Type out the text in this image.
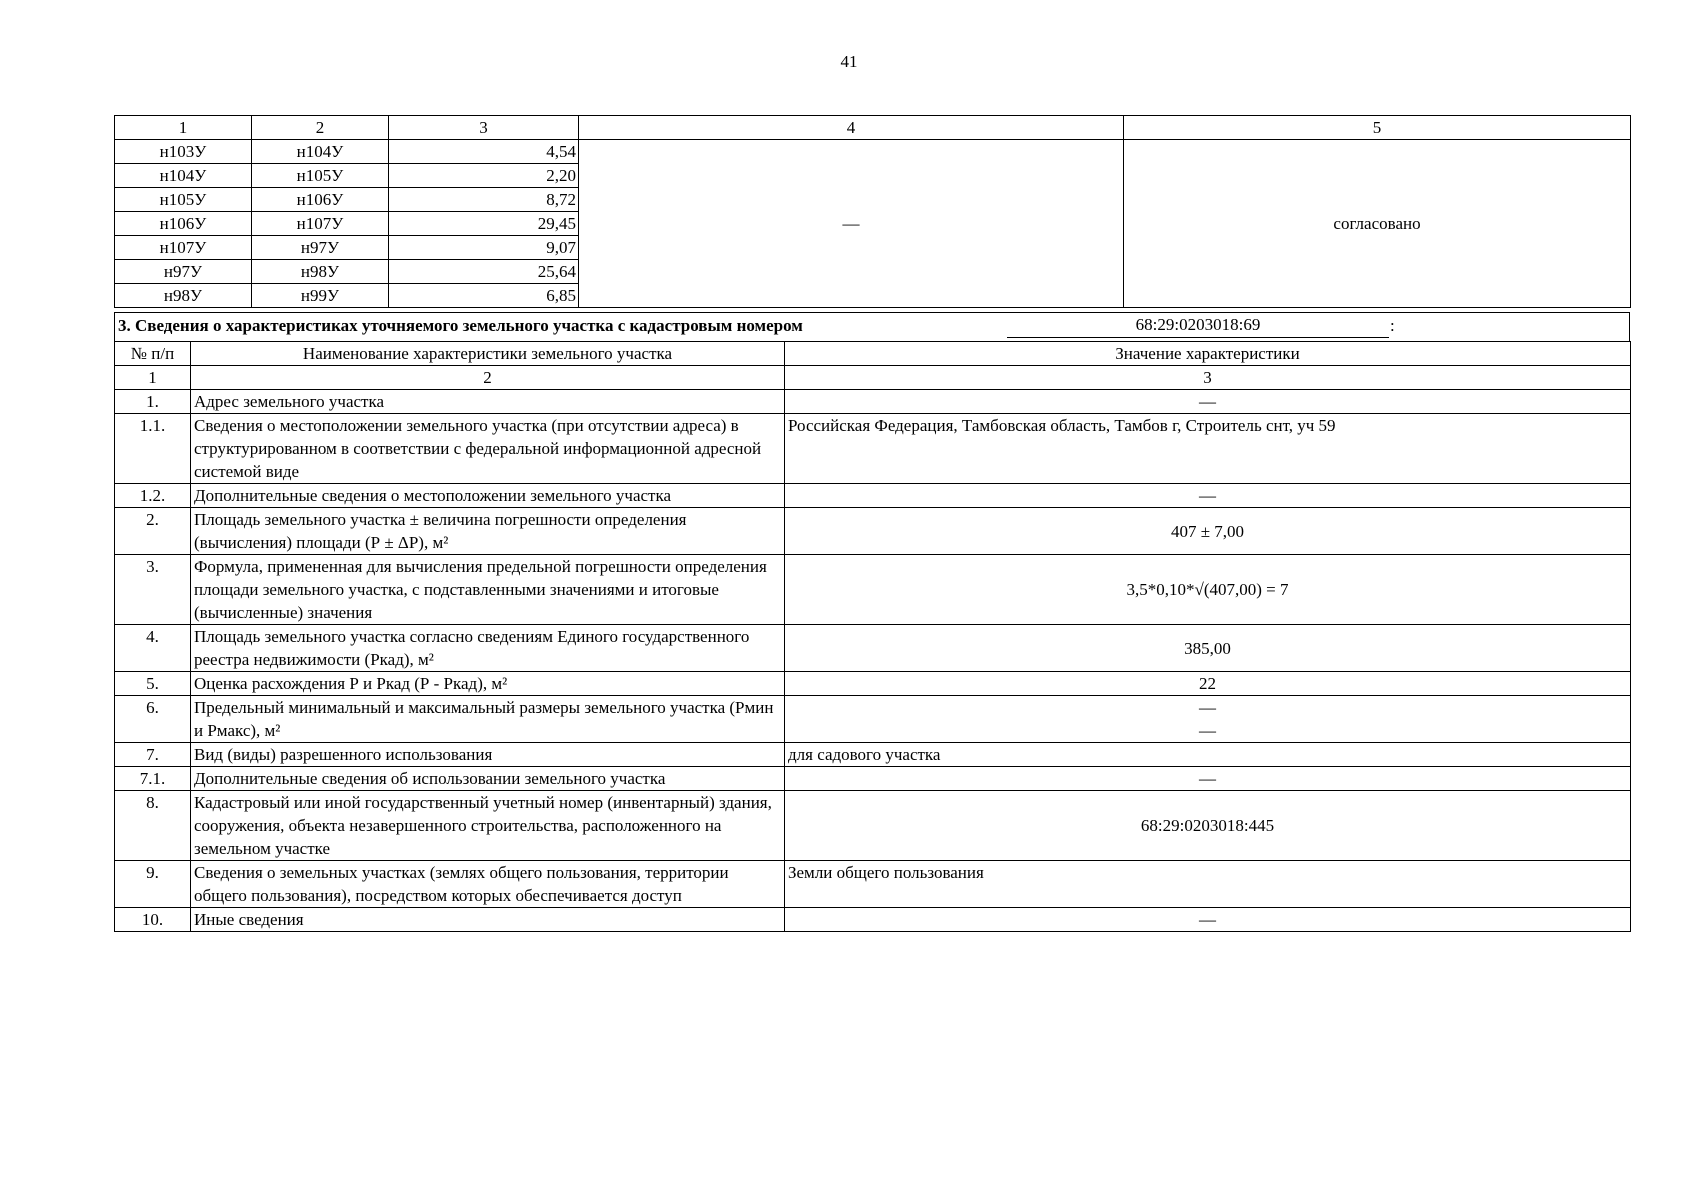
41
1	2	3	4	5
н103У	н104У	4,54	—	согласовано
н104У	н105У	2,20		
н105У	н106У	8,72		
н106У	н107У	29,45		
н107У	н97У	9,07		
н97У	н98У	25,64		
н98У	н99У	6,85		
3. Сведения о характеристиках уточняемого земельного участка с кадастровым номером	68:29:0203018:69	:
№ п/п	Наименование характеристики земельного участка	Значение характеристики
1	2	3
1.	Адрес земельного участка	—
1.1.	Сведения о местоположении земельного участка (при отсутствии адреса) в структурированном в соответствии с федеральной информационной адресной системой виде	Российская Федерация, Тамбовская область, Тамбов г, Строитель снт, уч 59
1.2.	Дополнительные сведения о местоположении земельного участка	—
2.	Площадь земельного участка ± величина погрешности определения (вычисления) площади (Р ± ΔР), м²	407 ± 7,00
3.	Формула, примененная для вычисления предельной погрешности определения площади земельного участка, с подставленными значениями и итоговые (вычисленные) значения	3,5*0,10*√(407,00) = 7
4.	Площадь земельного участка согласно сведениям Единого государственного реестра недвижимости (Ркад), м²	385,00
5.	Оценка расхождения Р и Ркад (Р - Ркад), м²	22
6.	Предельный минимальный и максимальный размеры земельного участка (Рмин и Рмакс), м²	—
—

7.	Вид (виды) разрешенного использования	для садового участка
7.1.	Дополнительные сведения об использовании земельного участка	—
8.	Кадастровый или иной государственный учетный номер (инвентарный) здания, сооружения, объекта незавершенного строительства, расположенного на земельном участке	68:29:0203018:445
9.	Сведения о земельных участках (землях общего пользования, территории общего пользования), посредством которых обеспечивается доступ	Земли общего пользования
10.	Иные сведения	—
